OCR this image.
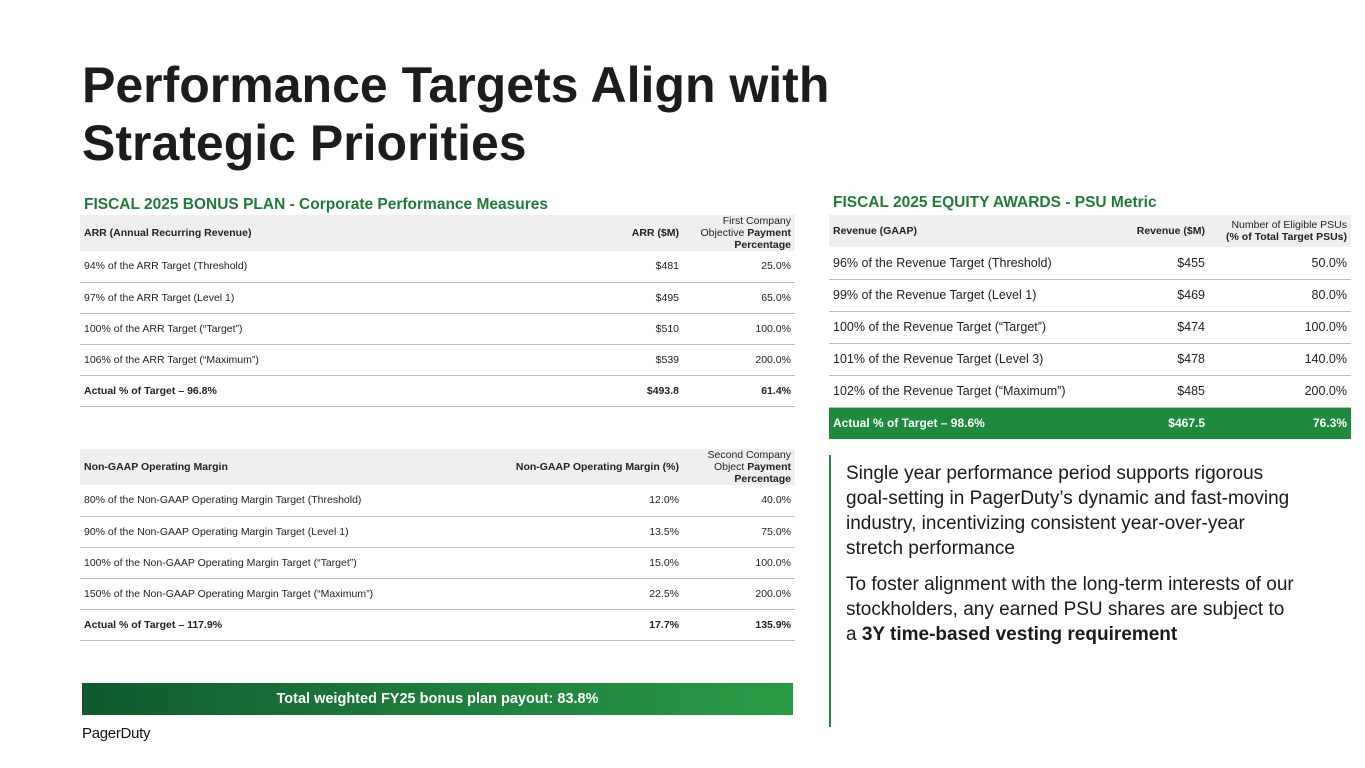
Performance Targets Align with Strategic Priorities
FISCAL 2025 BONUS PLAN - Corporate Performance Measures
ARR (Annual Recurring Revenue)	ARR ($M)	First Company Objective Payment Percentage
94% of the ARR Target (Threshold)	$481	25.0%
97% of the ARR Target (Level 1)	$495	65.0%
100% of the ARR Target (“Target”)	$510	100.0%
106% of the ARR Target (“Maximum”)	$539	200.0%
Actual % of Target – 96.8%	$493.8	61.4%
Non-GAAP Operating Margin	Non-GAAP Operating Margin (%)	Second Company Object Payment Percentage
80% of the Non-GAAP Operating Margin Target (Threshold)	12.0%	40.0%
90% of the Non-GAAP Operating Margin Target (Level 1)	13.5%	75.0%
100% of the Non-GAAP Operating Margin Target (“Target”)	15.0%	100.0%
150% of the Non-GAAP Operating Margin Target (“Maximum”)	22.5%	200.0%
Actual % of Target – 117.9%	17.7%	135.9%
Total weighted FY25 bonus plan payout: 83.8%
FISCAL 2025 EQUITY AWARDS - PSU Metric
Revenue (GAAP)	Revenue ($M)	Number of Eligible PSUs
(% of Total Target PSUs)
96% of the Revenue Target (Threshold)	$455	50.0%
99% of the Revenue Target (Level 1)	$469	80.0%
100% of the Revenue Target (“Target”)	$474	100.0%
101% of the Revenue Target (Level 3)	$478	140.0%
102% of the Revenue Target (“Maximum”)	$485	200.0%
Actual % of Target – 98.6%	$467.5	76.3%

Single year performance period supports rigorous goal-setting in PagerDuty’s dynamic and fast-moving industry, incentivizing consistent year-over-year stretch performance

To foster alignment with the long-term interests of our stockholders, any earned PSU shares are subject to a 3Y time-based vesting requirement

PagerDuty
